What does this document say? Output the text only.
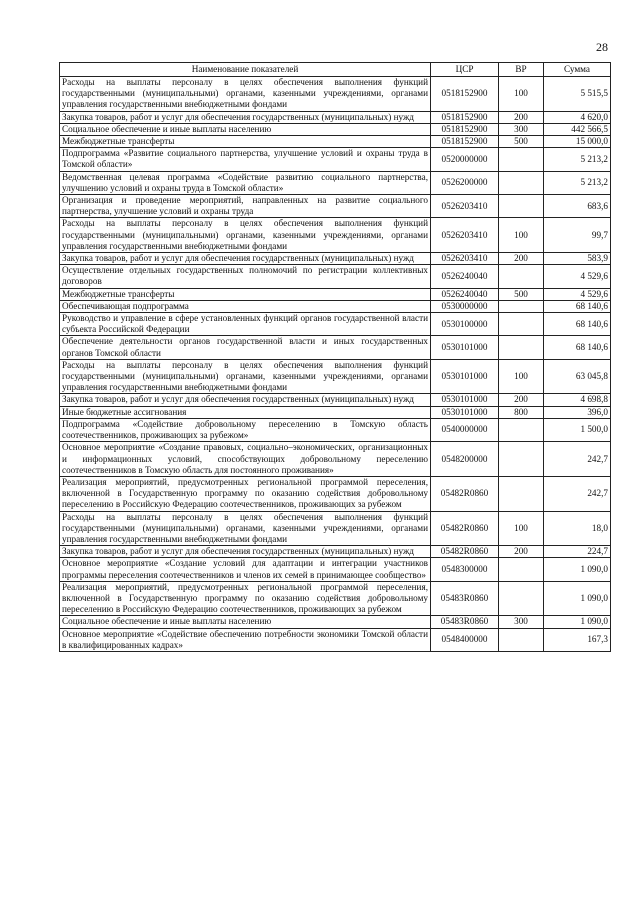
28
Наименование показателей	ЦСР	ВР	Сумма
Расходы на выплаты персоналу в целях обеспечения выполнения функций государственными (муниципальными) органами, казенными учреждениями, органами управления государственными внебюджетными фондами	0518152900	100	5 515,5
Закупка товаров, работ и услуг для обеспечения государственных (муниципальных) нужд	0518152900	200	4 620,0
Социальное обеспечение и иные выплаты населению	0518152900	300	442 566,5
Межбюджетные трансферты	0518152900	500	15 000,0
Подпрограмма «Развитие социального партнерства, улучшение условий и охраны труда в Томской области»	0520000000		5 213,2
Ведомственная целевая программа «Содействие развитию социального партнерства, улучшению условий и охраны труда в Томской области»	0526200000		5 213,2
Организация и проведение мероприятий, направленных на развитие социального партнерства, улучшение условий и охраны труда	0526203410		683,6
Расходы на выплаты персоналу в целях обеспечения выполнения функций государственными (муниципальными) органами, казенными учреждениями, органами управления государственными внебюджетными фондами	0526203410	100	99,7
Закупка товаров, работ и услуг для обеспечения государственных (муниципальных) нужд	0526203410	200	583,9
Осуществление отдельных государственных полномочий по регистрации коллективных договоров	0526240040		4 529,6
Межбюджетные трансферты	0526240040	500	4 529,6
Обеспечивающая подпрограмма	0530000000		68 140,6
Руководство и управление в сфере установленных функций органов государственной власти субъекта Российской Федерации	0530100000		68 140,6
Обеспечение деятельности органов государственной власти и иных государственных органов Томской области	0530101000		68 140,6
Расходы на выплаты персоналу в целях обеспечения выполнения функций государственными (муниципальными) органами, казенными учреждениями, органами управления государственными внебюджетными фондами	0530101000	100	63 045,8
Закупка товаров, работ и услуг для обеспечения государственных (муниципальных) нужд	0530101000	200	4 698,8
Иные бюджетные ассигнования	0530101000	800	396,0
Подпрограмма «Содействие добровольному переселению в Томскую область соотечественников, проживающих за рубежом»	0540000000		1 500,0
Основное мероприятие «Создание правовых, социально–экономических, организационных и информационных условий, способствующих добровольному переселению соотечественников в Томскую область для постоянного проживания»	0548200000		242,7
Реализация мероприятий, предусмотренных региональной программой переселения, включенной в Государственную программу по оказанию содействия добровольному переселению в Российскую Федерацию соотечественников, проживающих за рубежом	05482R0860		242,7
Расходы на выплаты персоналу в целях обеспечения выполнения функций государственными (муниципальными) органами, казенными учреждениями, органами управления государственными внебюджетными фондами	05482R0860	100	18,0
Закупка товаров, работ и услуг для обеспечения государственных (муниципальных) нужд	05482R0860	200	224,7
Основное мероприятие «Создание условий для адаптации и интеграции участников программы переселения соотечественников и членов их семей в принимающее сообщество»	0548300000		1 090,0
Реализация мероприятий, предусмотренных региональной программой переселения, включенной в Государственную программу по оказанию содействия добровольному переселению в Российскую Федерацию соотечественников, проживающих за рубежом	05483R0860		1 090,0
Социальное обеспечение и иные выплаты населению	05483R0860	300	1 090,0
Основное мероприятие «Содействие обеспечению потребности экономики Томской области в квалифицированных кадрах»	0548400000		167,3
